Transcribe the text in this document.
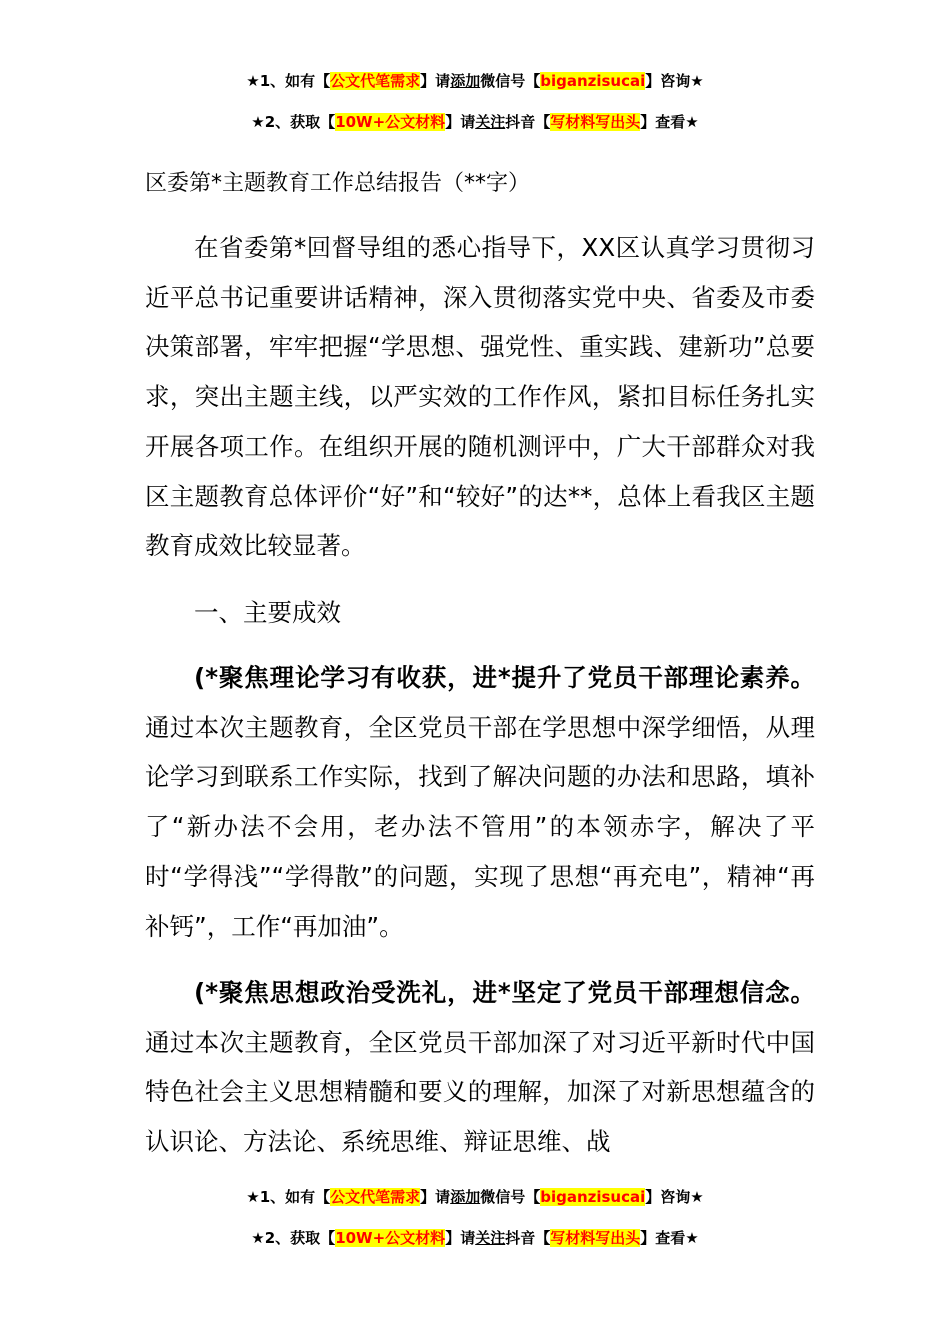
★1、如有【公文代笔需求】请添加微信号【biganzisucai】咨询★
★2、获取【10W+公文材料】请关注抖音【写材料写出头】查看★
区委第*主题教育工作总结报告（**字）

在省委第*回督导组的悉心指导下，XX区认真学习贯彻习近平总书记重要讲话精神，深入贯彻落实党中央、省委及市委决策部署，牢牢把握“学思想、强党性、重实践、建新功”总要求，突出主题主线，以严实效的工作作风，紧扣目标任务扎实开展各项工作。在组织开展的随机测评中，广大干部群众对我区主题教育总体评价“好”和“较好”的达**，总体上看我区主题教育成效比较显著。

一、主要成效

(*聚焦理论学习有收获，进*提升了党员干部理论素养。通过本次主题教育，全区党员干部在学思想中深学细悟，从理论学习到联系工作实际，找到了解决问题的办法和思路，填补了“新办法不会用，老办法不管用”的本领赤字，解决了平时“学得浅”“学得散”的问题，实现了思想“再充电”，精神“再补钙”，工作“再加油”。

(*聚焦思想政治受洗礼，进*坚定了党员干部理想信念。通过本次主题教育，全区党员干部加深了对习近平新时代中国特色社会主义思想精髓和要义的理解，加深了对新思想蕴含的认识论、方法论、系统思维、辩证思维、战

★1、如有【公文代笔需求】请添加微信号【biganzisucai】咨询★
★2、获取【10W+公文材料】请关注抖音【写材料写出头】查看★
